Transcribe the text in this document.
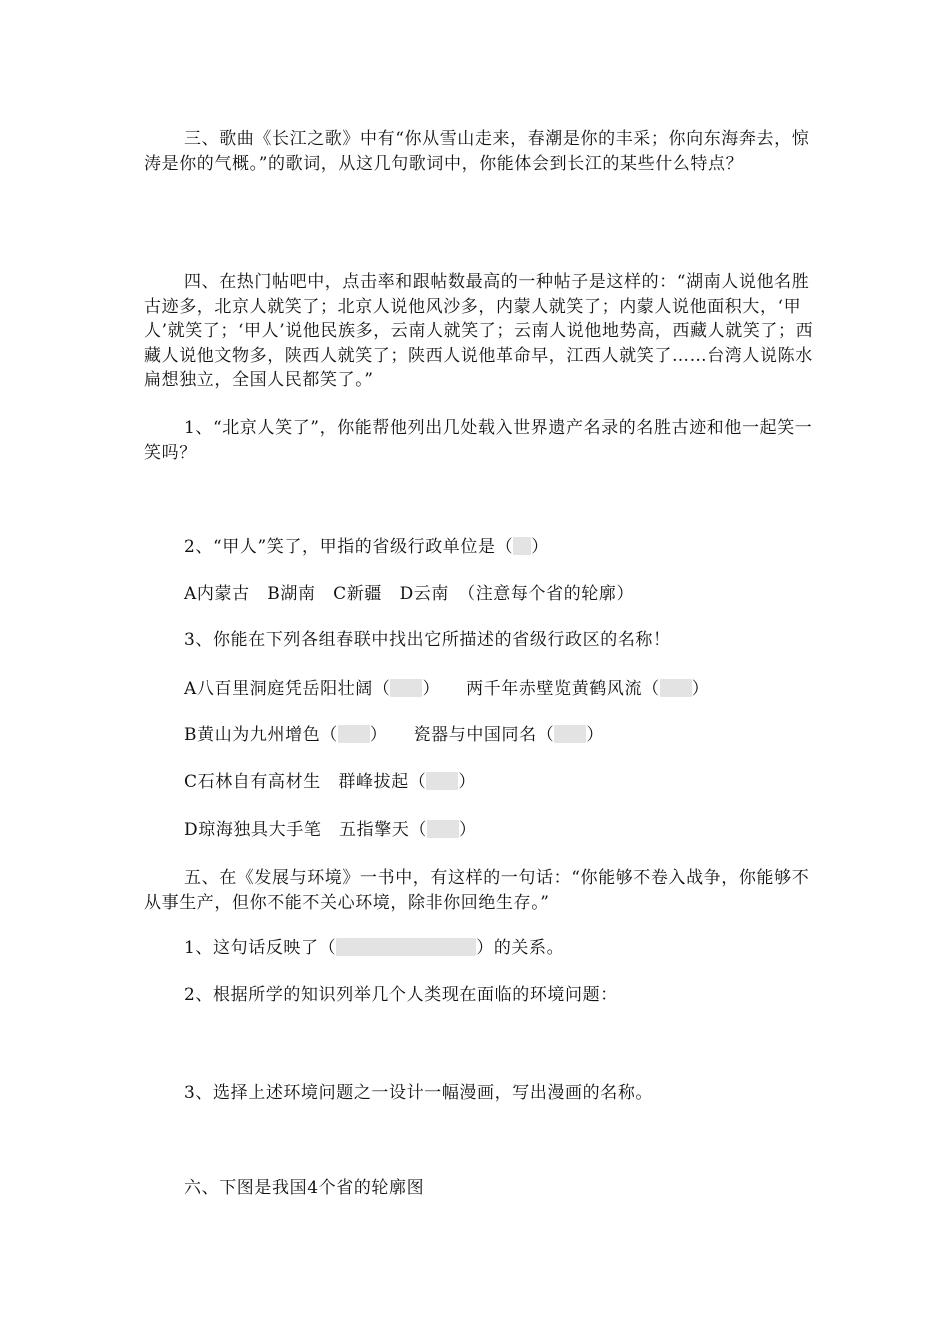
三、歌曲《长江之歌》中有“你从雪山走来，春潮是你的丰采；你向东海奔去，惊涛是你的气概。”的歌词，从这几句歌词中，你能体会到长江的某些什么特点？

四、在热门帖吧中，点击率和跟帖数最高的一种帖子是这样的：“湖南人说他名胜古迹多，北京人就笑了；北京人说他风沙多，内蒙人就笑了；内蒙人说他面积大，‘甲人’就笑了；‘甲人’说他民族多，云南人就笑了；云南人说他地势高，西藏人就笑了；西藏人说他文物多，陕西人就笑了；陕西人说他革命早，江西人就笑了……台湾人说陈水扁想独立，全国人民都笑了。”

1、“北京人笑了”，你能帮他列出几处载入世界遗产名录的名胜古迹和他一起笑一笑吗？

2、“甲人”笑了，甲指的省级行政单位是（ ）
A内蒙古　B湖南　C新疆　D云南　（注意每个省的轮廓）
3、你能在下列各组春联中找出它所描述的省级行政区的名称！
A八百里洞庭凭岳阳壮阔（ ） 两千年赤壁览黄鹤风流（ ）
B黄山为九州增色（ ） 瓷器与中国同名（ ）
C石林自有高材生　群峰拔起（ ）
D琼海独具大手笔　五指擎天（ ）

五、在《发展与环境》一书中，有这样的一句话：“你能够不卷入战争，你能够不从事生产，但你不能不关心环境，除非你回绝生存。”

1、这句话反映了（	）的关系。
2、根据所学的知识列举几个人类现在面临的环境问题：
3、选择上述环境问题之一设计一幅漫画，写出漫画的名称。
六、下图是我国4个省的轮廓图
